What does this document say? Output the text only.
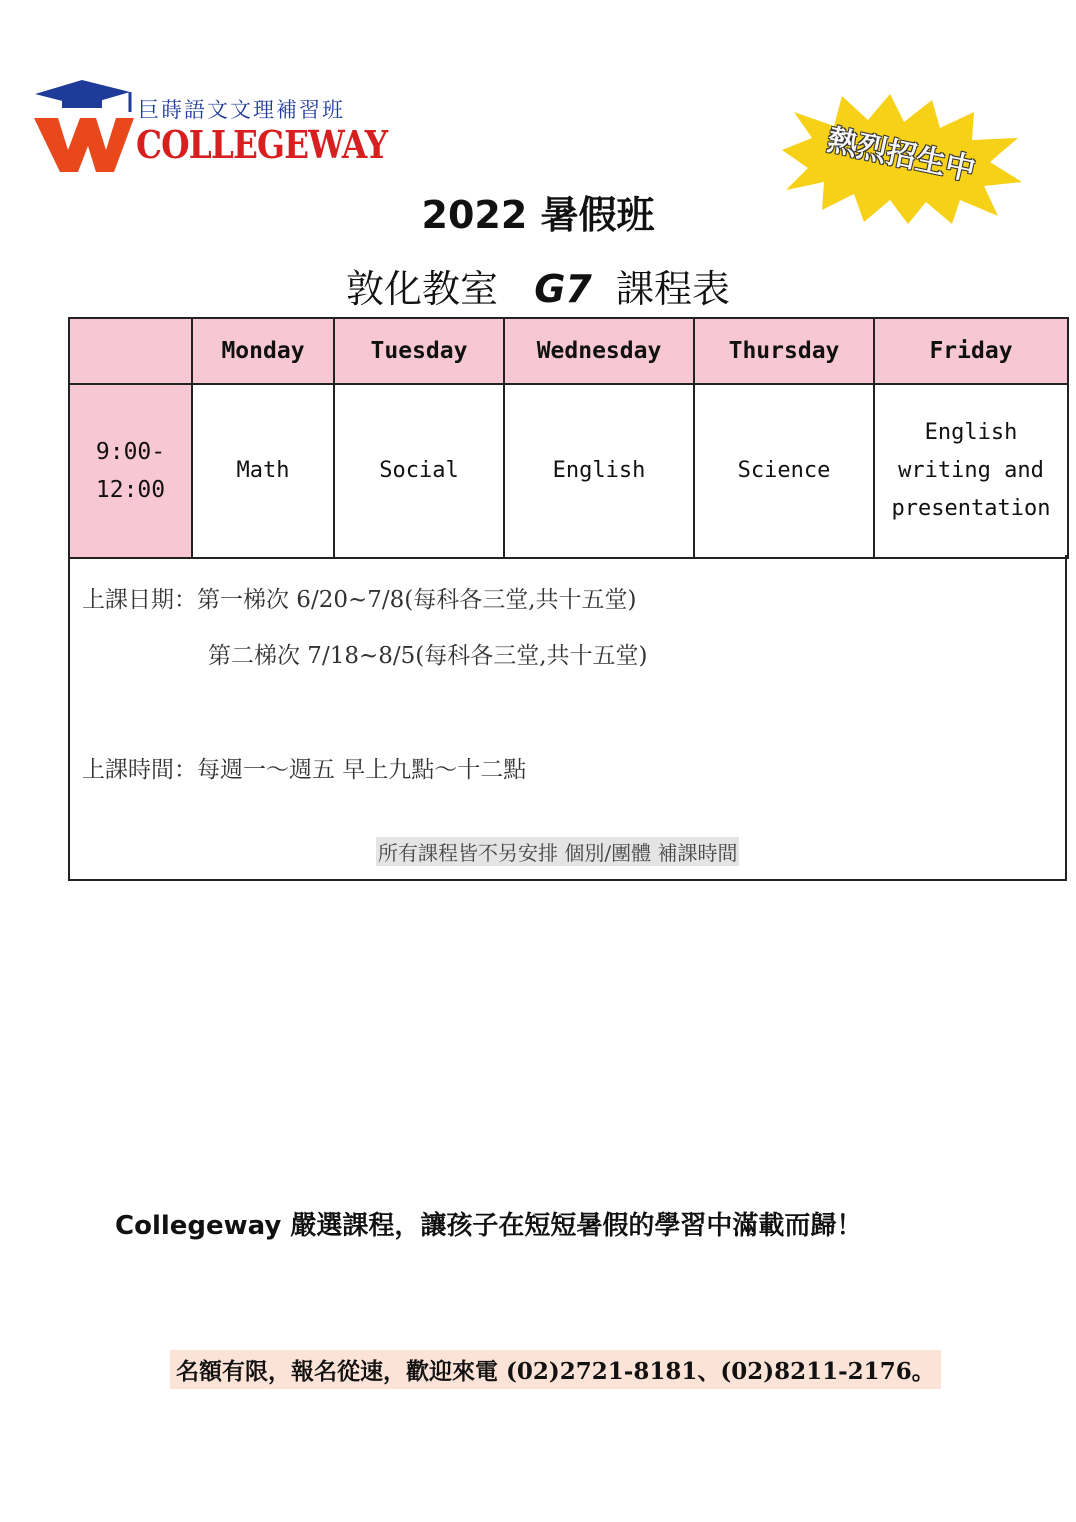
巨蒔語文文理補習班
COLLEGEWAY	熱烈招生中
2022 暑假班
敦化教室 G7 課程表
	Monday	Tuesday	Wednesday	Thursday	Friday
9:00-12:00	Math	Social	English	Science	English writing and presentation
上課日期：第一梯次 6/20~7/8(每科各三堂,共十五堂)
第二梯次 7/18~8/5(每科各三堂,共十五堂)
上課時間：每週一～週五 早上九點～十二點
所有課程皆不另安排 個別/團體 補課時間
Collegeway 嚴選課程，讓孩子在短短暑假的學習中滿載而歸！
名額有限，報名從速，歡迎來電 (02)2721-8181、(02)8211-2176。
